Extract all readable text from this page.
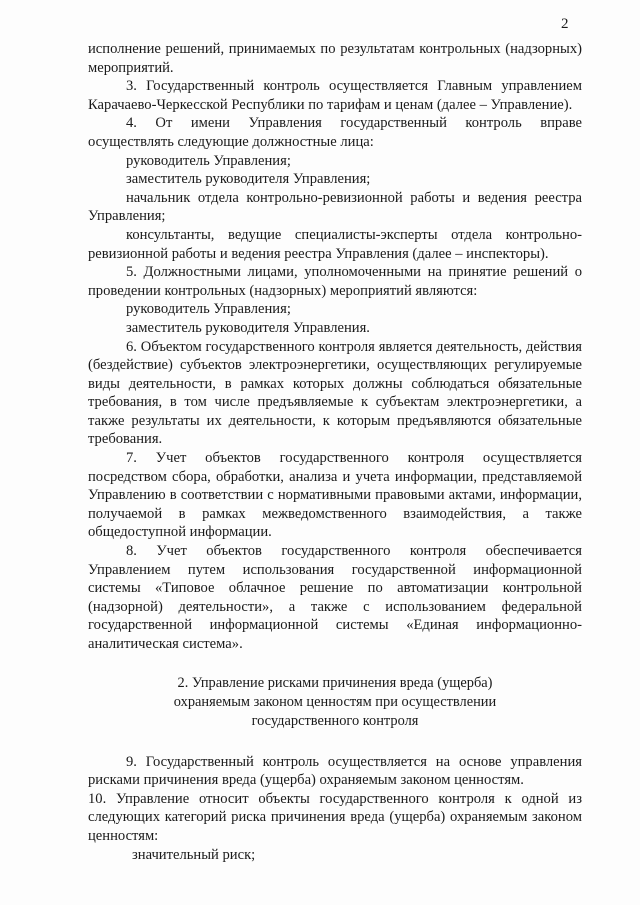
2

исполнение решений, принимаемых по результатам контрольных (надзорных) мероприятий.

3. Государственный контроль осуществляется Главным управлением Карачаево-Черкесской Республики по тарифам и ценам (далее – Управление).

4. От имени Управления государственный контроль вправе осуществлять следующие должностные лица:

руководитель Управления;

заместитель руководителя Управления;

начальник отдела контрольно-ревизионной работы и ведения реестра Управления;

консультанты, ведущие специалисты-эксперты отдела контрольно-ревизионной работы и ведения реестра Управления (далее – инспекторы).

5. Должностными лицами, уполномоченными на принятие решений о проведении контрольных (надзорных) мероприятий являются:

руководитель Управления;

заместитель руководителя Управления.

6. Объектом государственного контроля является деятельность, действия (бездействие) субъектов электроэнергетики, осуществляющих регулируемые виды деятельности, в рамках которых должны соблюдаться обязательные требования, в том числе предъявляемые к субъектам электроэнергетики, а также результаты их деятельности, к которым предъявляются обязательные требования.

7. Учет объектов государственного контроля осуществляется посредством сбора, обработки, анализа и учета информации, представляемой Управлению в соответствии с нормативными правовыми актами, информации, получаемой в рамках межведомственного взаимодействия, а также общедоступной информации.

8. Учет объектов государственного контроля обеспечивается Управлением путем использования государственной информационной системы «Типовое облачное решение по автоматизации контрольной (надзорной) деятельности», а также с использованием федеральной государственной информационной системы «Единая информационно-аналитическая система».

2. Управление рисками причинения вреда (ущерба)
охраняемым законом ценностям при осуществлении
государственного контроля

9. Государственный контроль осуществляется на основе управления рисками причинения вреда (ущерба) охраняемым законом ценностям.

10. Управление относит объекты государственного контроля к одной из следующих категорий риска причинения вреда (ущерба) охраняемым законом ценностям:

значительный риск;
